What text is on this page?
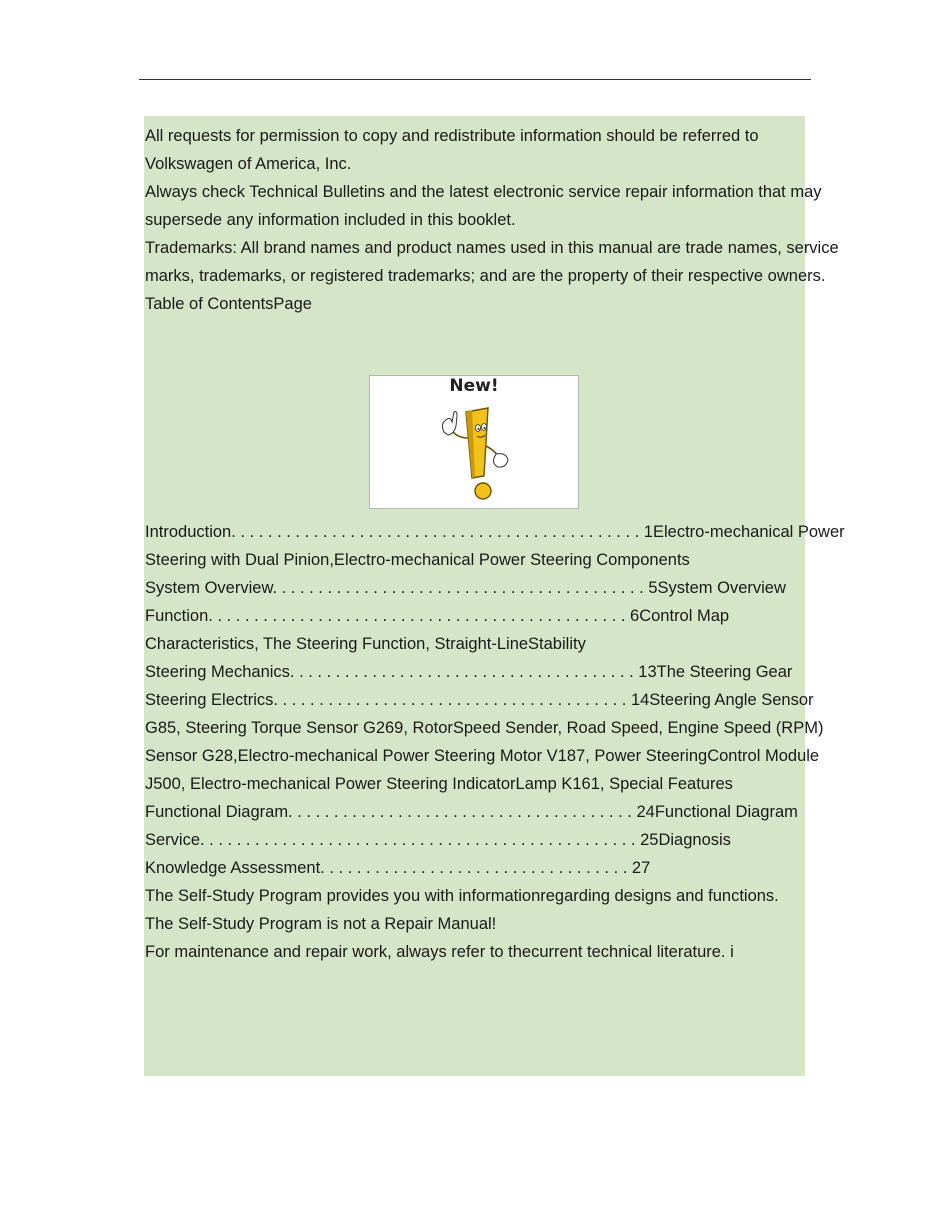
All requests for permission to copy and redistribute information should be referred to Volkswagen of America, Inc.

Always check Technical Bulletins and the latest electronic service repair information that may supersede any information included in this booklet.

Trademarks: All brand names and product names used in this manual are trade names, service marks, trademarks, or registered trademarks; and are the property of their respective owners.

Table of ContentsPage

New!

Introduction. . . . . . . . . . . . . . . . . . . . . . . . . . . . . . . . . . . . . . . . . . . . . 1Electro-mechanical Power Steering with Dual Pinion,Electro-mechanical Power Steering Components

System Overview. . . . . . . . . . . . . . . . . . . . . . . . . . . . . . . . . . . . . . . . . 5System Overview

Function. . . . . . . . . . . . . . . . . . . . . . . . . . . . . . . . . . . . . . . . . . . . . . 6Control Map Characteristics, The Steering Function, Straight-LineStability

Steering Mechanics. . . . . . . . . . . . . . . . . . . . . . . . . . . . . . . . . . . . . . 13The Steering Gear

Steering Electrics. . . . . . . . . . . . . . . . . . . . . . . . . . . . . . . . . . . . . . . 14Steering Angle Sensor G85, Steering Torque Sensor G269, RotorSpeed Sender, Road Speed, Engine Speed (RPM) Sensor G28,Electro-mechanical Power Steering Motor V187, Power SteeringControl Module J500, Electro-mechanical Power Steering IndicatorLamp K161, Special Features

Functional Diagram. . . . . . . . . . . . . . . . . . . . . . . . . . . . . . . . . . . . . . 24Functional Diagram

Service. . . . . . . . . . . . . . . . . . . . . . . . . . . . . . . . . . . . . . . . . . . . . . . . 25Diagnosis

Knowledge Assessment. . . . . . . . . . . . . . . . . . . . . . . . . . . . . . . . . . 27

The Self-Study Program provides you with informationregarding designs and functions.

The Self-Study Program is not a Repair Manual!

For maintenance and repair work, always refer to thecurrent technical literature. i
